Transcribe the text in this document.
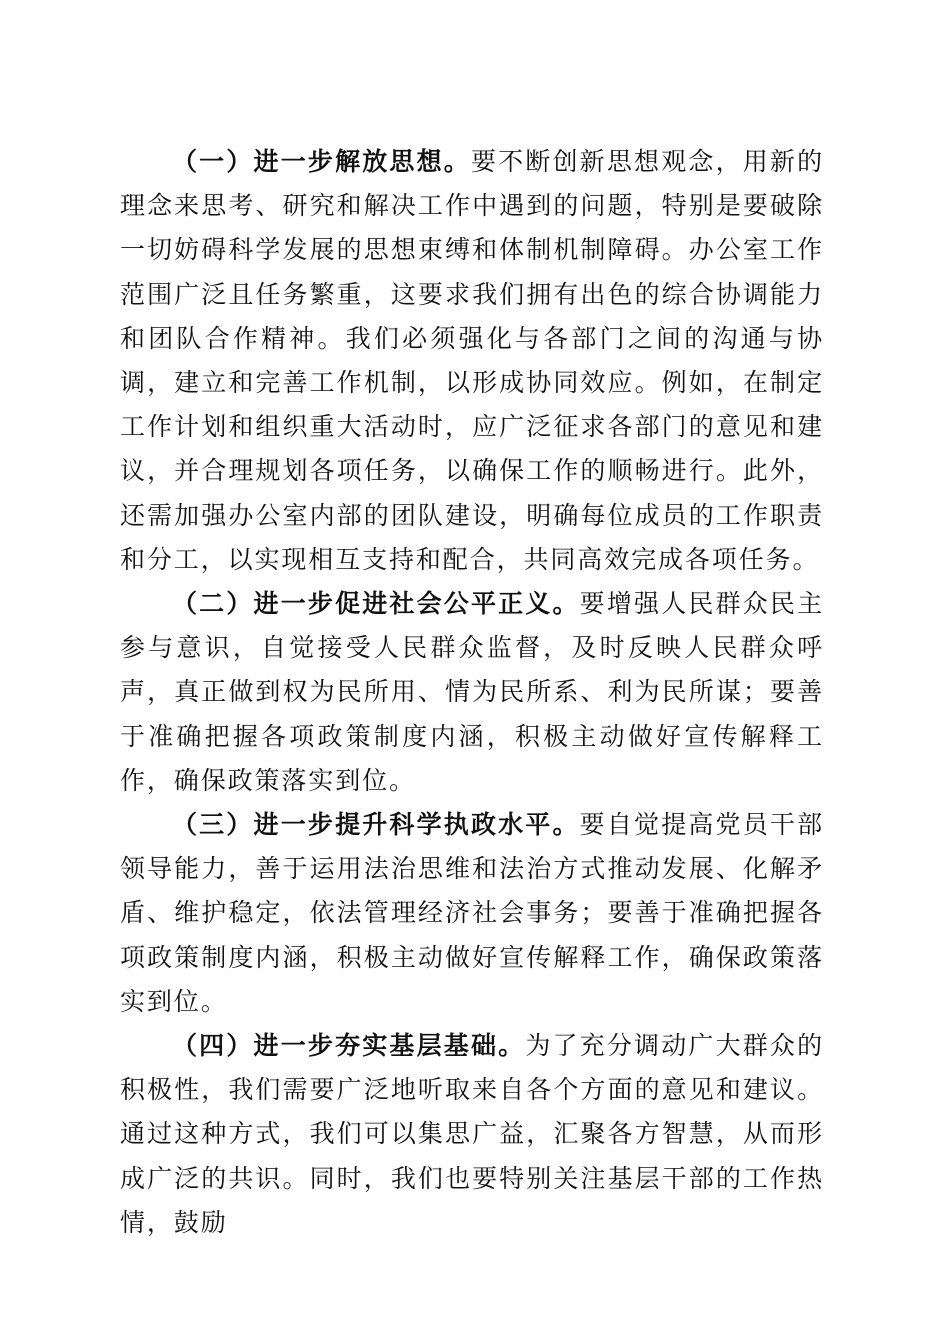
（一）进一步解放思想。要不断创新思想观念，用新的理念来思考、研究和解决工作中遇到的问题，特别是要破除一切妨碍科学发展的思想束缚和体制机制障碍。办公室工作范围广泛且任务繁重，这要求我们拥有出色的综合协调能力和团队合作精神。我们必须强化与各部门之间的沟通与协调，建立和完善工作机制，以形成协同效应。例如，在制定工作计划和组织重大活动时，应广泛征求各部门的意见和建议，并合理规划各项任务，以确保工作的顺畅进行。此外，还需加强办公室内部的团队建设，明确每位成员的工作职责和分工，以实现相互支持和配合，共同高效完成各项任务。

（二）进一步促进社会公平正义。要增强人民群众民主参与意识，自觉接受人民群众监督，及时反映人民群众呼声，真正做到权为民所用、情为民所系、利为民所谋；要善于准确把握各项政策制度内涵，积极主动做好宣传解释工作，确保政策落实到位。

（三）进一步提升科学执政水平。要自觉提高党员干部领导能力，善于运用法治思维和法治方式推动发展、化解矛盾、维护稳定，依法管理经济社会事务；要善于准确把握各项政策制度内涵，积极主动做好宣传解释工作，确保政策落实到位。

（四）进一步夯实基层基础。为了充分调动广大群众的积极性，我们需要广泛地听取来自各个方面的意见和建议。通过这种方式，我们可以集思广益，汇聚各方智慧，从而形成广泛的共识。同时，我们也要特别关注基层干部的工作热情，鼓励
